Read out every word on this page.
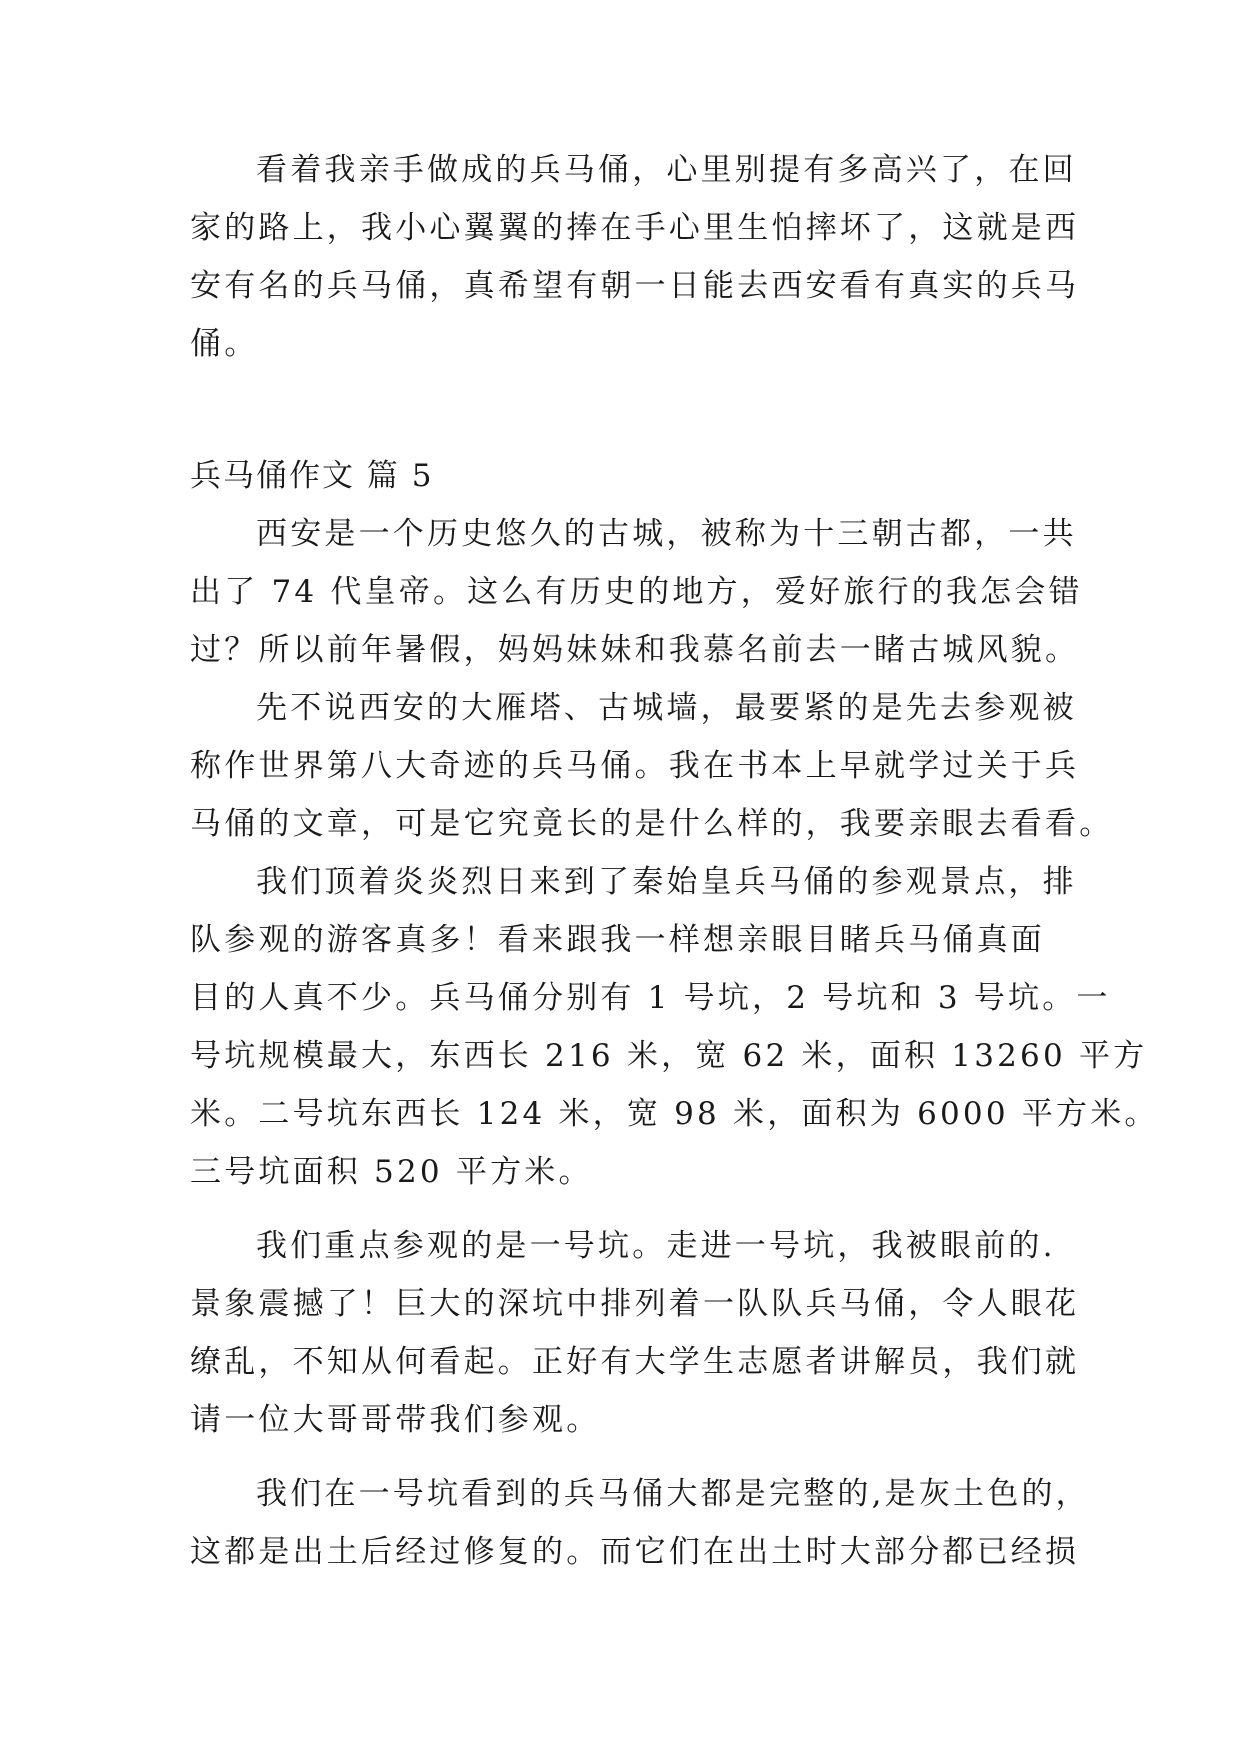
看着我亲手做成的兵马俑，心里别提有多高兴了，在回
家的路上，我小心翼翼的捧在手心里生怕摔坏了，这就是西
安有名的兵马俑，真希望有朝一日能去西安看有真实的兵马
俑。
兵马俑作文 篇 5
西安是一个历史悠久的古城，被称为十三朝古都，一共
出了 74 代皇帝。这么有历史的地方，爱好旅行的我怎会错
过？所以前年暑假，妈妈妹妹和我慕名前去一睹古城风貌。
先不说西安的大雁塔、古城墙，最要紧的是先去参观被
称作世界第八大奇迹的兵马俑。我在书本上早就学过关于兵
马俑的文章，可是它究竟长的是什么样的，我要亲眼去看看。
我们顶着炎炎烈日来到了秦始皇兵马俑的参观景点，排
队参观的游客真多！看来跟我一样想亲眼目睹兵马俑真面
目的人真不少。兵马俑分别有 1 号坑，2 号坑和 3 号坑。一
号坑规模最大，东西长 216 米，宽 62 米，面积 13260 平方
米。二号坑东西长 124 米，宽 98 米，面积为 6000 平方米。
三号坑面积 520 平方米。
我们重点参观的是一号坑。走进一号坑，我被眼前的.
景象震撼了！巨大的深坑中排列着一队队兵马俑，令人眼花
缭乱，不知从何看起。正好有大学生志愿者讲解员，我们就
请一位大哥哥带我们参观。
我们在一号坑看到的兵马俑大都是完整的,是灰土色的，
这都是出土后经过修复的。而它们在出土时大部分都已经损
